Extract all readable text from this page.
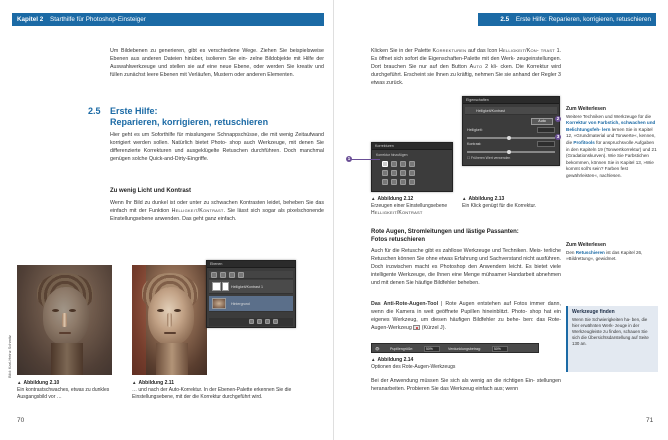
Kapitel 2 Starthilfe für Photoshop-Einsteiger

Um Bildebenen zu generieren, gibt es verschiedene Wege. Ziehen Sie beispielsweise Ebenen aus anderen Dateien hinüber, isolieren Sie ein- zelne Bildobjekte mit Hilfe der Auswahlwerkzeuge und stellen sie auf eine neue Ebene, oder werden Sie kreativ und füllen zunächst leere Ebenen mit Verläufen, Mustern oder anderen Elementen.

2.5 Erste Hilfe:
Reparieren, korrigieren, retuschieren

Hier geht es um Soforthilfe für misslungene Schnappschüsse, die mit wenig Zeitaufwand korrigiert werden sollen. Natürlich bietet Photo- shop auch Werkzeuge, mit denen Sie differenzierte Korrekturen und ausgeklügelte Retuschen durchführen. Doch manchmal genügen solche Quick-and-Dirty-Eingriffe.

Zu wenig Licht und Kontrast

Wenn Ihr Bild zu dunkel ist oder unter zu schwachen Kontrasten leidet, beheben Sie das einfach mit der Funktion Helligkeit/Kontrast. Sie lässt sich sogar als pixelschonende Einstellungsebene anwenden. Das geht ganz einfach.

Bild: Karl-Heinz Schmitz
Ebenen
Helligkeit/Kontrast 1
Hintergrund
▲ Abbildung 2.10
Ein kontrastschwaches, etwas zu dunkles Ausgangsbild vor …
▲ Abbildung 2.11
… und nach der Auto-Korrektur. In der Ebenen-Palette erkennen Sie die Einstellungsebene, mit der die Korrektur durchgeführt wird.
70
2.5 Erste Hilfe: Reparieren, korrigieren, retuschieren

Klicken Sie in der Palette Korrekturen auf das Icon Helligkeit/Kon- trast 1. Es öffnet sich sofort die Eigenschaften-Palette mit den Werk- zeugeinstellungen. Dort brauchen Sie nur auf den Button Auto 2 kli- cken. Die Korrektur wird durchgeführt. Erscheint sie Ihnen zu kräftig, nehmen Sie sie anhand der Regler 3 etwas zurück.

Korrekturen
Korrektur hinzufügen
1
Eigenschaften
Helligkeit/Kontrast
Auto
Helligkeit:
Kontrast:
☐ Früheren Wert verwenden
2
3
▲ Abbildung 2.12
Erzeugen einer Einstellungsebene
Helligkeit/Kontrast
▲ Abbildung 2.13
Ein Klick genügt für die Korrektur.
Rote Augen, Stromleitungen und lästige Passanten:
Fotos retuschieren

Auch für die Retusche gibt es zahllose Werkzeuge und Techniken. Meis- terliche Retuschen können Sie ohne etwas Erfahrung und Sachverstand nicht ausführen. Doch inzwischen macht es Photoshop den Anwendern leicht. Es bietet viele intelligente Werkzeuge, die Ihnen eine Menge mühsamer Handarbeit abnehmen und mit denen Sie häufige Bildfehler beheben.

Das Anti-Rote-Augen-Tool | Rote Augen entstehen auf Fotos immer dann, wenn die Kamera in weit geöffnete Pupillen hineinblitzt. Photo- shop hat ein eigenes Werkzeug, um diesen häufigen Bildfehler zu behe- ben: das Rote-Augen-Werkzeug  (Kürzel J).

👁	Pupillengröße:	50%	Verdunklungsbetrag:	50%
▲ Abbildung 2.14
Optionen des Rote-Augen-Werkzeugs

Bei der Anwendung müssen Sie sich als wenig an die richtigen Ein- stellungen heranarbeiten. Probieren Sie das Werkzeug einfach aus; wenn

Zum Weiterlesen
Weitere Techniken und Werkzeuge für die Korrektur von Farbstich, schwachen und Belichtungsfeh- lern lernen Sie in Kapitel 12, »Grundmaterial und Tonwerte«, kennen, die Profitools für anspruchsvolle Aufgaben in den Kapiteln 19 (Tonwertkorrektur) und 21 (Gradationskurven). Wie Sie Farbstichen bekommen, können Sie in Kapitel 13, »Wie kommt soll's sein? Farben fest gewährleisten«, nachlesen.
Zum Weiterlesen
Den Retuschieren ist das Kapitel 26, »Bildrettung«, gewidmet.
Werkzeuge finden
Wenn Sie Schwierigkeiten ha- ben, die hier erwähnten Werk- zeuge in der Werkzeugleiste zu finden, schauen Sie sich die Übersichtsdarstellung auf Seite 130 an.
71
